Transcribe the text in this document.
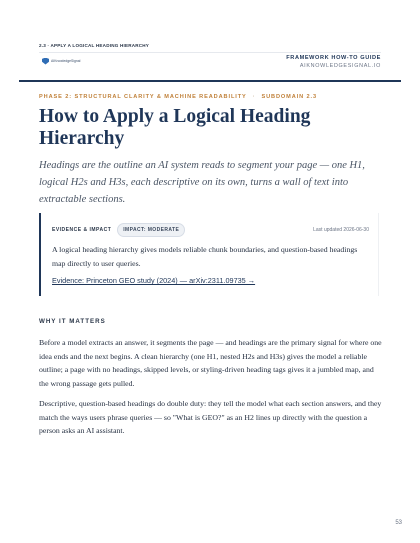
2.3 · APPLY A LOGICAL HEADING HIERARCHY
AIKnowledgeSignal	FRAMEWORK HOW-TO GUIDE
AIKNOWLEDGESIGNAL.IO
PHASE 2: STRUCTURAL CLARITY & MACHINE READABILITY · SUBDOMAIN 2.3
How to Apply a Logical Heading Hierarchy

Headings are the outline an AI system reads to segment your page — one H1, logical H2s and H3s, each descriptive on its own, turns a wall of text into extractable sections.

EVIDENCE & IMPACT	IMPACT: MODERATE	Last updated 2026-06-30

A logical heading hierarchy gives models reliable chunk boundaries, and question-based headings map directly to user queries.

Evidence: Princeton GEO study (2024) — arXiv:2311.09735 →
WHY IT MATTERS

Before a model extracts an answer, it segments the page — and headings are the primary signal for where one idea ends and the next begins. A clean hierarchy (one H1, nested H2s and H3s) gives the model a reliable outline; a page with no headings, skipped levels, or styling-driven heading tags gives it a jumbled map, and the wrong passage gets pulled.

Descriptive, question-based headings do double duty: they tell the model what each section answers, and they match the ways users phrase queries — so "What is GEO?" as an H2 lines up directly with the question a person asks an AI assistant.

53
